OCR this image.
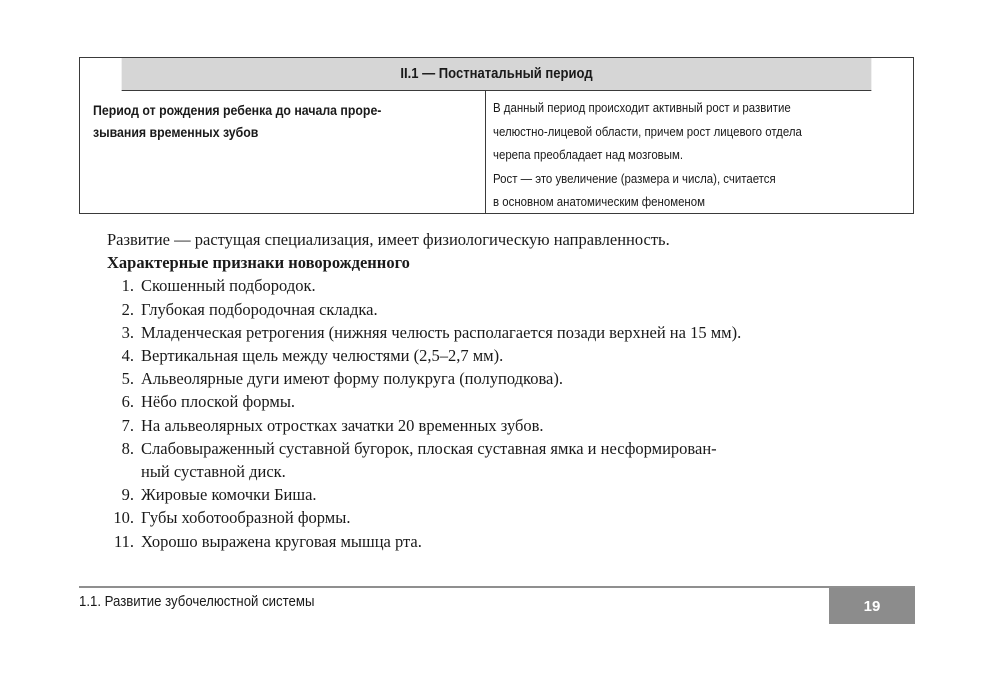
II.1 — Постнатальный период
Период от рождения ребенка до начала проре-
зывания временных зубов
В данный период происходит активный рост и развитие
челюстно-лицевой области, причем рост лицевого отдела
черепа преобладает над мозговым.
Рост — это увеличение (размера и числа), считается
в основном анатомическим феноменом
Развитие — растущая специализация, имеет физиологическую направленность.
Характерные признаки новорожденного
1. Скошенный подбородок.
2. Глубокая подбородочная складка.
3. Младенческая ретрогения (нижняя челюсть располагается позади верхней на 15 мм).
4. Вертикальная щель между челюстями (2,5–2,7 мм).
5. Альвеолярные дуги имеют форму полукруга (полуподкова).
6. Нёбо плоской формы.
7. На альвеолярных отростках зачатки 20 временных зубов.
8. Слабовыраженный суставной бугорок, плоская суставная ямка и несформирован-
ный суставной диск.
9. Жировые комочки Биша.
10. Губы хоботообразной формы.
11. Хорошо выражена круговая мышца рта.
1.1. Развитие зубочелюстной системы	19
